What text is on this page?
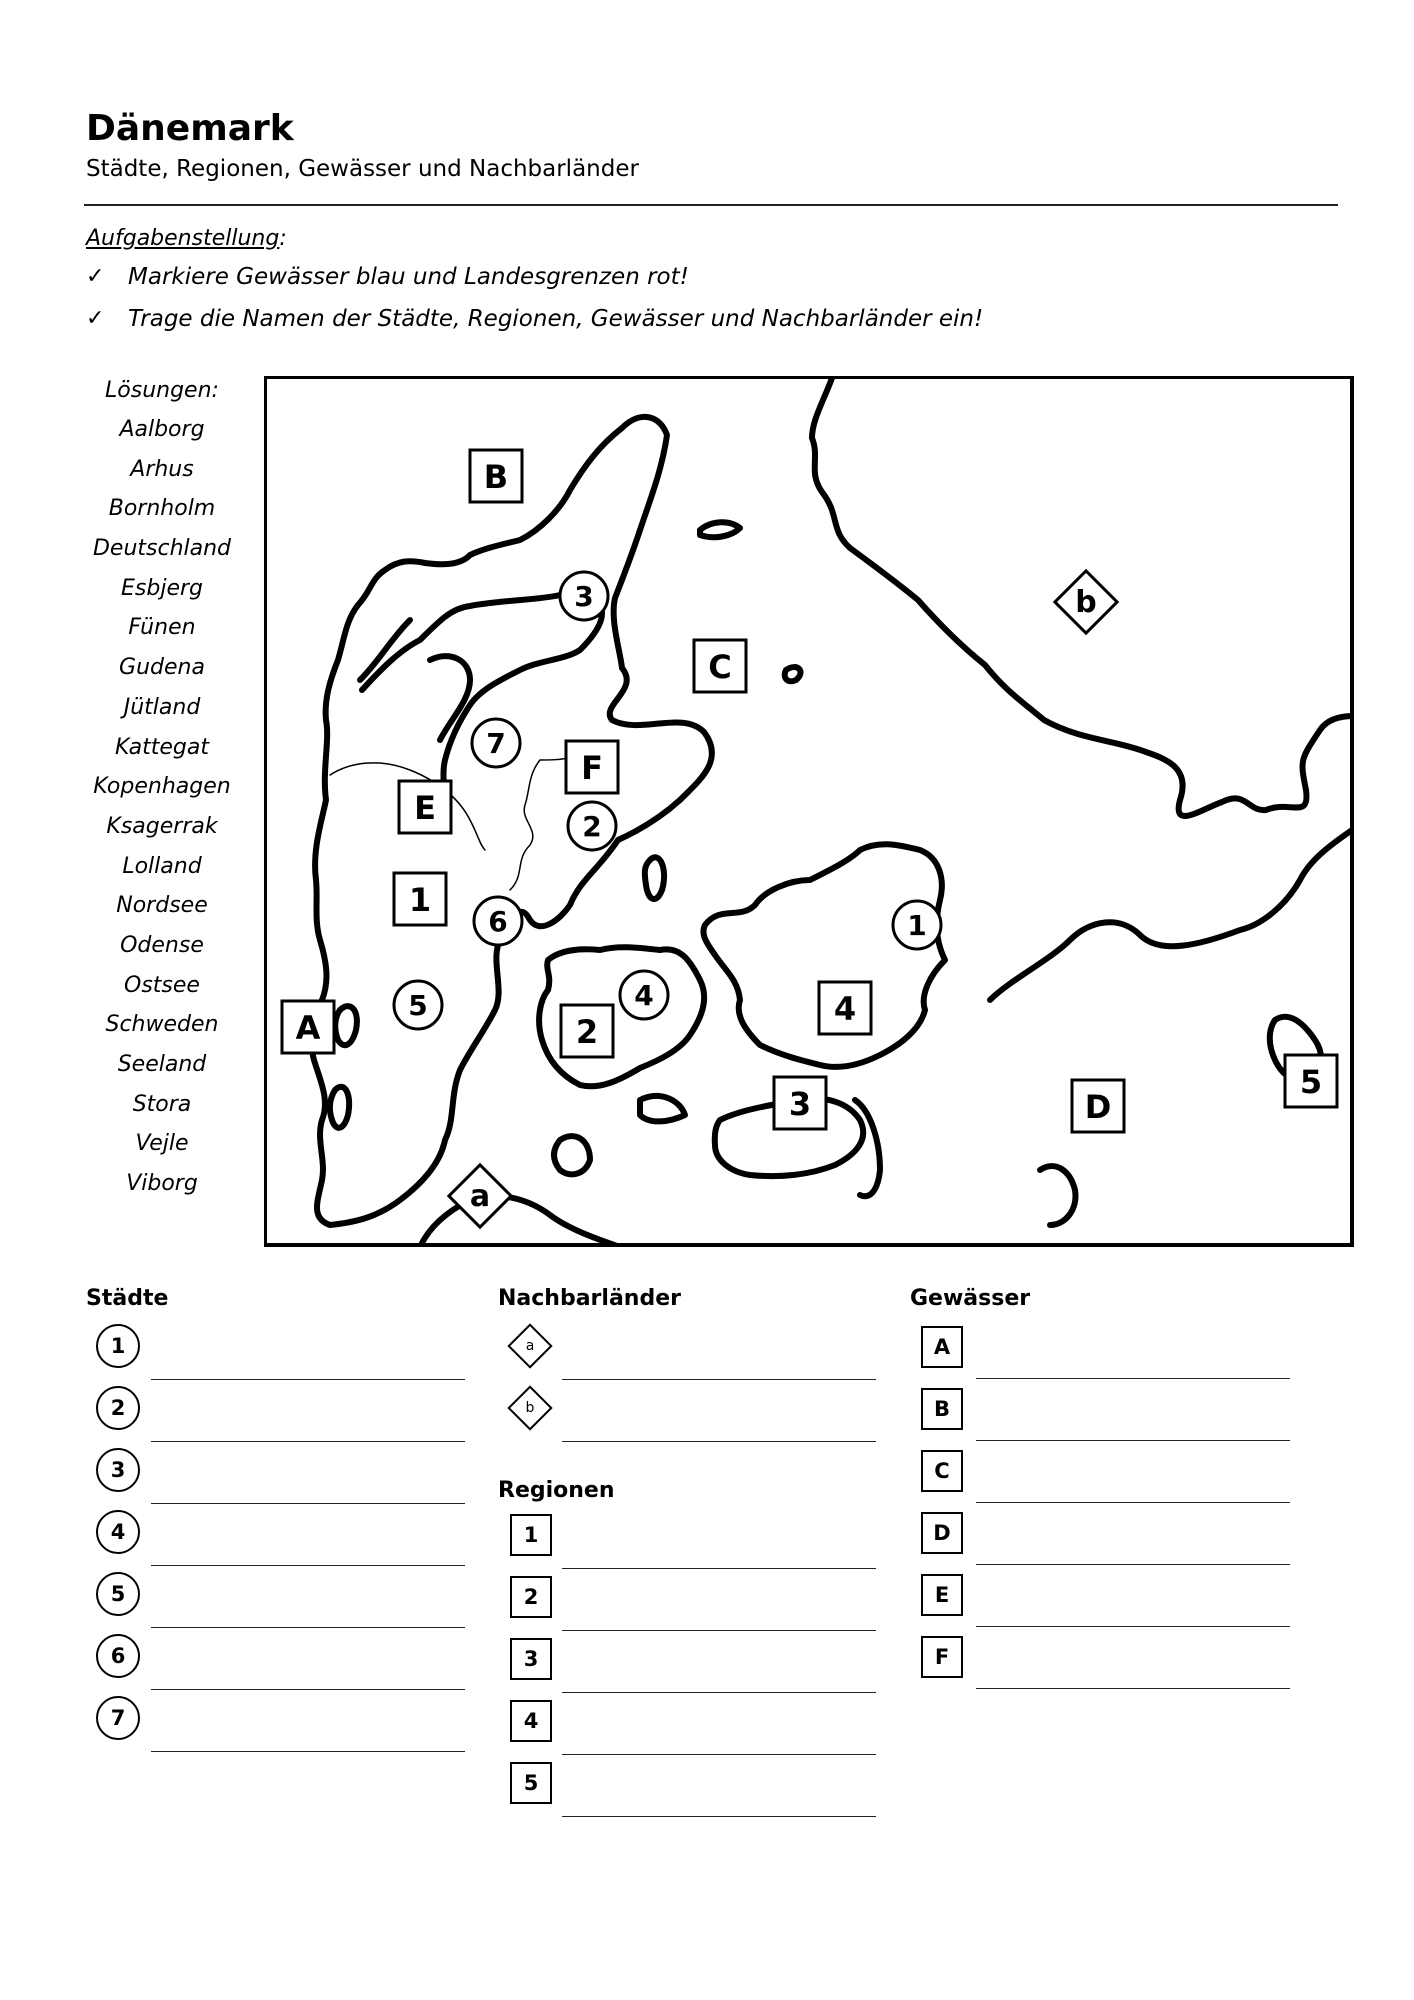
Dänemark
Städte, Regionen, Gewässer und Nachbarländer
Aufgabenstellung:
✓	Markiere Gewässer blau und Landesgrenzen rot!
✓	Trage die Namen der Städte, Regionen, Gewässer und Nachbarländer ein!
Lösungen:
Aalborg
Arhus
Bornholm
Deutschland
Esbjerg
Fünen
Gudena
Jütland
Kattegat
Kopenhagen
Ksagerrak
Lolland
Nordsee
Odense
Ostsee
Schweden
Seeland
Stora
Vejle
Viborg
B
C
F
E
A
D
1
2
3
4
5
1
2
3
4
5
6
7
a
b
Städte
1
2
3
4
5
6
7
Nachbarländer
a
b
Regionen
1
2
3
4
5
Gewässer
A
B
C
D
E
F
